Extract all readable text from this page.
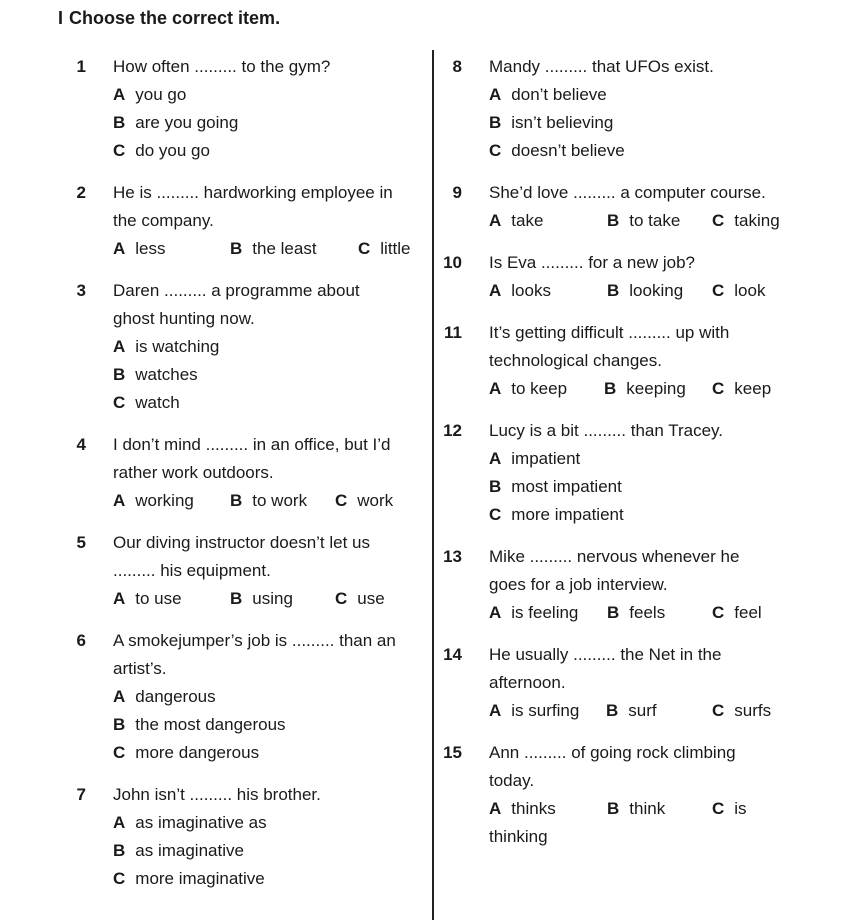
I Choose the correct item.
1 How often ......... to the gym?
A you go
B are you going
C do you go
2 He is ......... hardworking employee in
the company.
A less	B the least C little
3 Daren ......... a programme about
ghost hunting now.
A is watching
B watches
C watch
4 I don’t mind ......... in an office, but I’d
rather work outdoors.
A working B to work C work
5 Our diving instructor doesn’t let us
......... his equipment.
A to use	B using C use
6 A smokejumper’s job is ......... than an
artist’s.
A dangerous
B the most dangerous
C more dangerous
7 John isn’t ......... his brother.
A as imaginative as
B as imaginative
C more imaginative
8 Mandy ......... that UFOs exist.
A don’t believe
B isn’t believing
C doesn’t believe
9 She’d love ......... a computer course.
A take	B to take C taking
10 Is Eva ......... for a new job?
A looks	B looking C look
11 It’s getting difficult ......... up with
technological changes.
A to keep B keeping C keep
12 Lucy is a bit ......... than Tracey.
A impatient
B most impatient
C more impatient
13 Mike ......... nervous whenever he
goes for a job interview.
A is feeling B feels	C feel
14 He usually ......... the Net in the
afternoon.
A is surfing B surf	C surfs
15 Ann ......... of going rock climbing
today.
A thinks	B think	C is
thinking
